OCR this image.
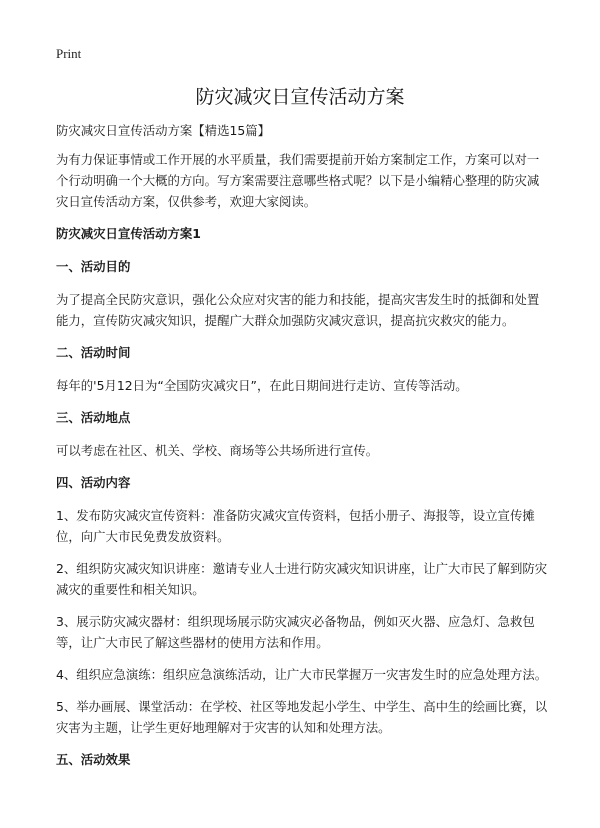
Print
防灾减灾日宣传活动方案

防灾减灾日宣传活动方案【精选15篇】

为有力保证事情或工作开展的水平质量，我们需要提前开始方案制定工作，方案可以对一个行动明确一个大概的方向。写方案需要注意哪些格式呢？以下是小编精心整理的防灾减灾日宣传活动方案，仅供参考，欢迎大家阅读。

防灾减灾日宣传活动方案1

一、活动目的

为了提高全民防灾意识，强化公众应对灾害的能力和技能，提高灾害发生时的抵御和处置能力，宣传防灾减灾知识，提醒广大群众加强防灾减灾意识，提高抗灾救灾的能力。

二、活动时间

每年的'5月12日为“全国防灾减灾日”，在此日期间进行走访、宣传等活动。

三、活动地点

可以考虑在社区、机关、学校、商场等公共场所进行宣传。

四、活动内容

1、发布防灾减灾宣传资料：准备防灾减灾宣传资料，包括小册子、海报等，设立宣传摊位，向广大市民免费发放资料。

2、组织防灾减灾知识讲座：邀请专业人士进行防灾减灾知识讲座，让广大市民了解到防灾减灾的重要性和相关知识。

3、展示防灾减灾器材：组织现场展示防灾减灾必备物品，例如灭火器、应急灯、急救包等，让广大市民了解这些器材的使用方法和作用。

4、组织应急演练：组织应急演练活动，让广大市民掌握万一灾害发生时的应急处理方法。

5、举办画展、课堂活动：在学校、社区等地发起小学生、中学生、高中生的绘画比赛，以灾害为主题，让学生更好地理解对于灾害的认知和处理方法。

五、活动效果
